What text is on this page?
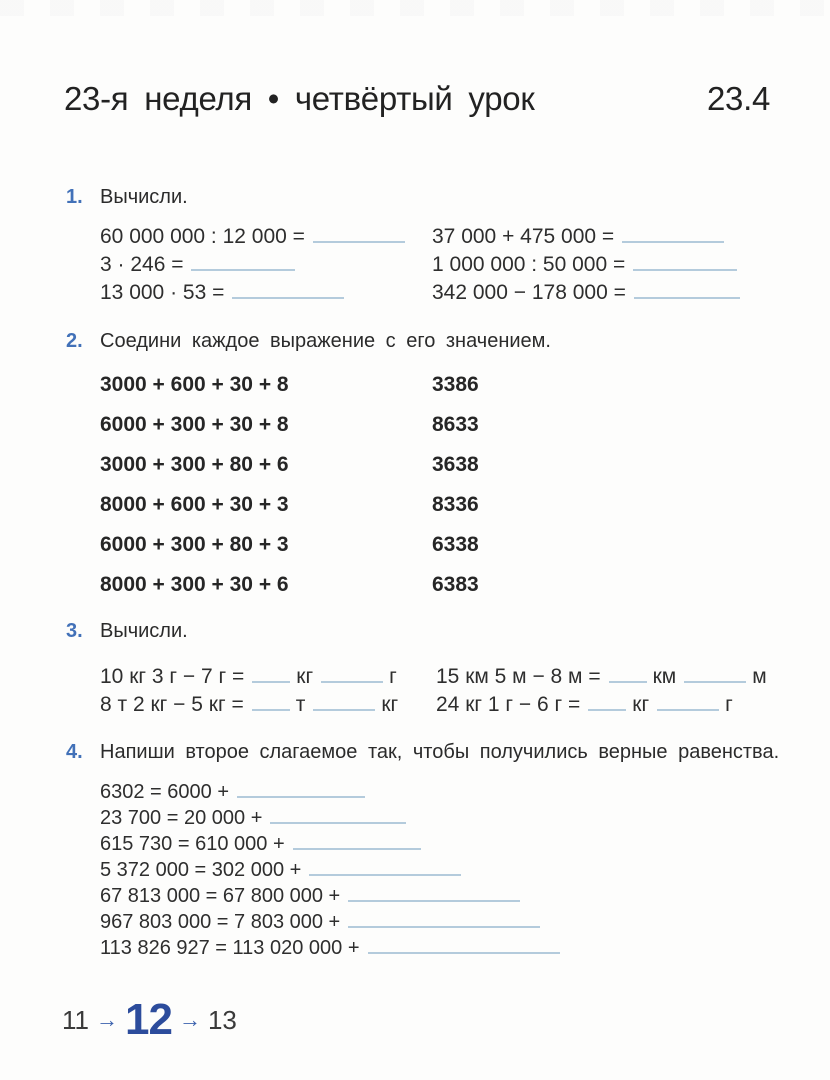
23-я неделя • четвёртый урок	23.4
1. Вычисли.
60 000 000 : 12 000 =	37 000 + 475 000 =
3 · 246 =	1 000 000 : 50 000 =
13 000 · 53 =	342 000 − 178 000 =
2. Соедини каждое выражение с его значением.
3000 + 600 + 30 + 8	3386
6000 + 300 + 30 + 8	8633
3000 + 300 + 80 + 6	3638
8000 + 600 + 30 + 3	8336
6000 + 300 + 80 + 3	6338
8000 + 300 + 30 + 6	6383
3. Вычисли.
10 кг 3 г − 7 г = кг	г	15 км 5 м − 8 м = км	м
8 т 2 кг − 5 кг = т	кг	24 кг 1 г − 6 г = кг	г
4. Напиши второе слагаемое так, чтобы получились верные равенства.
6302 = 6000 +
23 700 = 20 000 +
615 730 = 610 000 +
5 372 000 = 302 000 +
67 813 000 = 67 800 000 +
967 803 000 = 7 803 000 +
113 826 927 = 113 020 000 +
11 → 12 → 13
